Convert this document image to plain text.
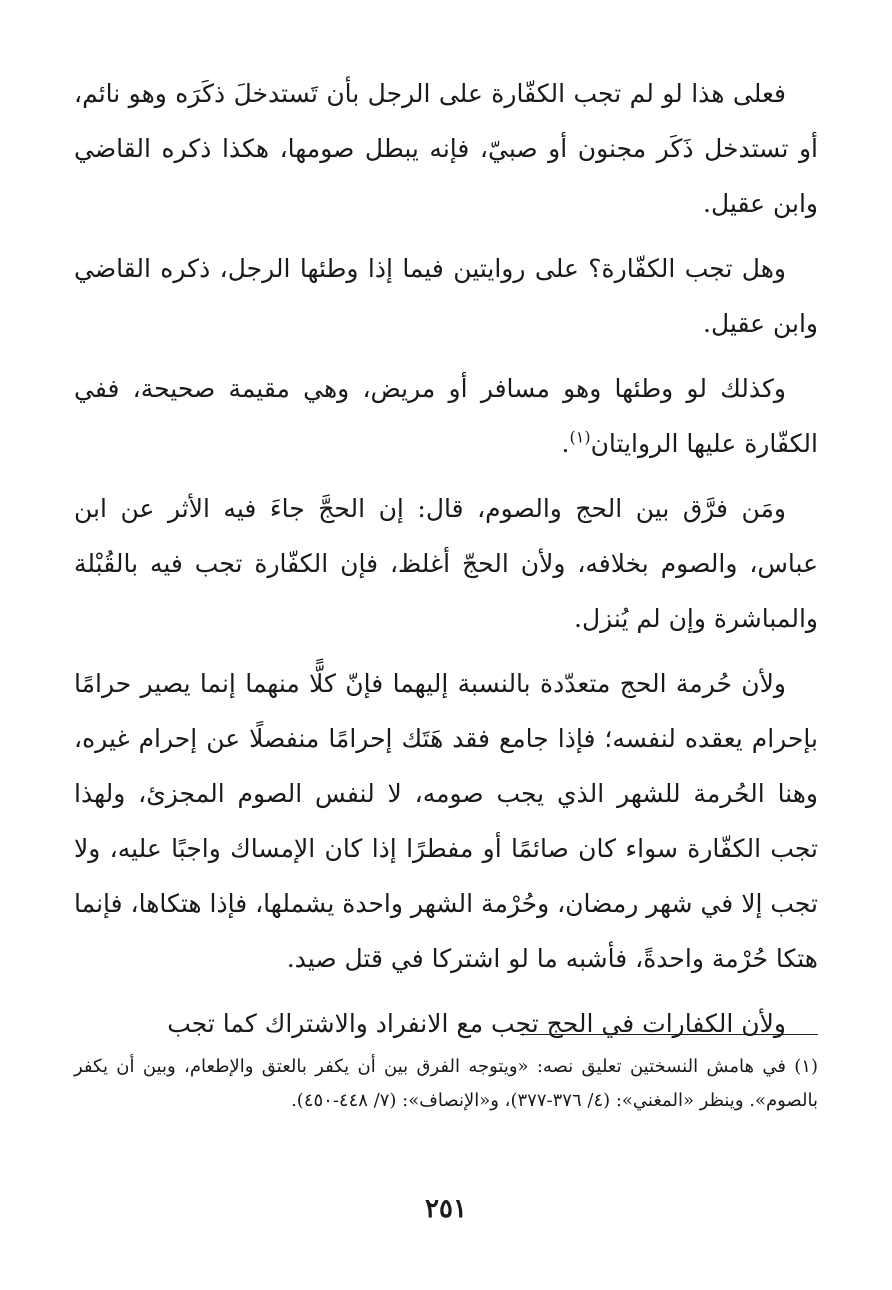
فعلى هذا لو لم تجب الكفّارة على الرجل بأن تَستدخلَ ذكَرَه وهو نائم، أو تستدخل ذَكَر مجنون أو صبيّ، فإنه يبطل صومها، هكذا ذكره القاضي وابن عقيل.

وهل تجب الكفّارة؟ على روايتين فيما إذا وطئها الرجل، ذكره القاضي وابن عقيل.

وكذلك لو وطئها وهو مسافر أو مريض، وهي مقيمة صحيحة، ففي الكفّارة عليها الروايتان$^{(١)}$.

ومَن فرَّق بين الحج والصوم، قال: إن الحجَّ جاءَ فيه الأثر عن ابن عباس، والصوم بخلافه، ولأن الحجّ أغلظ، فإن الكفّارة تجب فيه بالقُبْلة والمباشرة وإن لم يُنزل.

ولأن حُرمة الحج متعدّدة بالنسبة إليهما فإنّ كلًّا منهما إنما يصير حرامًا بإحرام يعقده لنفسه؛ فإذا جامع فقد هَتَك إحرامًا منفصلًا عن إحرام غيره، وهنا الحُرمة للشهر الذي يجب صومه، لا لنفس الصوم المجزئ، ولهذا تجب الكفّارة سواء كان صائمًا أو مفطرًا إذا كان الإمساك واجبًا عليه، ولا تجب إلا في شهر رمضان، وحُرْمة الشهر واحدة يشملها، فإذا هتكاها، فإنما هتكا حُرْمة واحدةً، فأشبه ما لو اشتركا في قتل صيد.

ولأن الكفارات في الحج تجب مع الانفراد والاشتراك كما تجب

(١) في هامش النسختين تعليق نصه: «ويتوجه الفرق بين أن يكفر بالعتق والإطعام، وبين أن يكفر بالصوم». وينظر «المغني»: (٤/ ٣٧٦-٣٧٧)، و«الإنصاف»: (٧/ ٤٤٨-٤٥٠).

٢٥١
